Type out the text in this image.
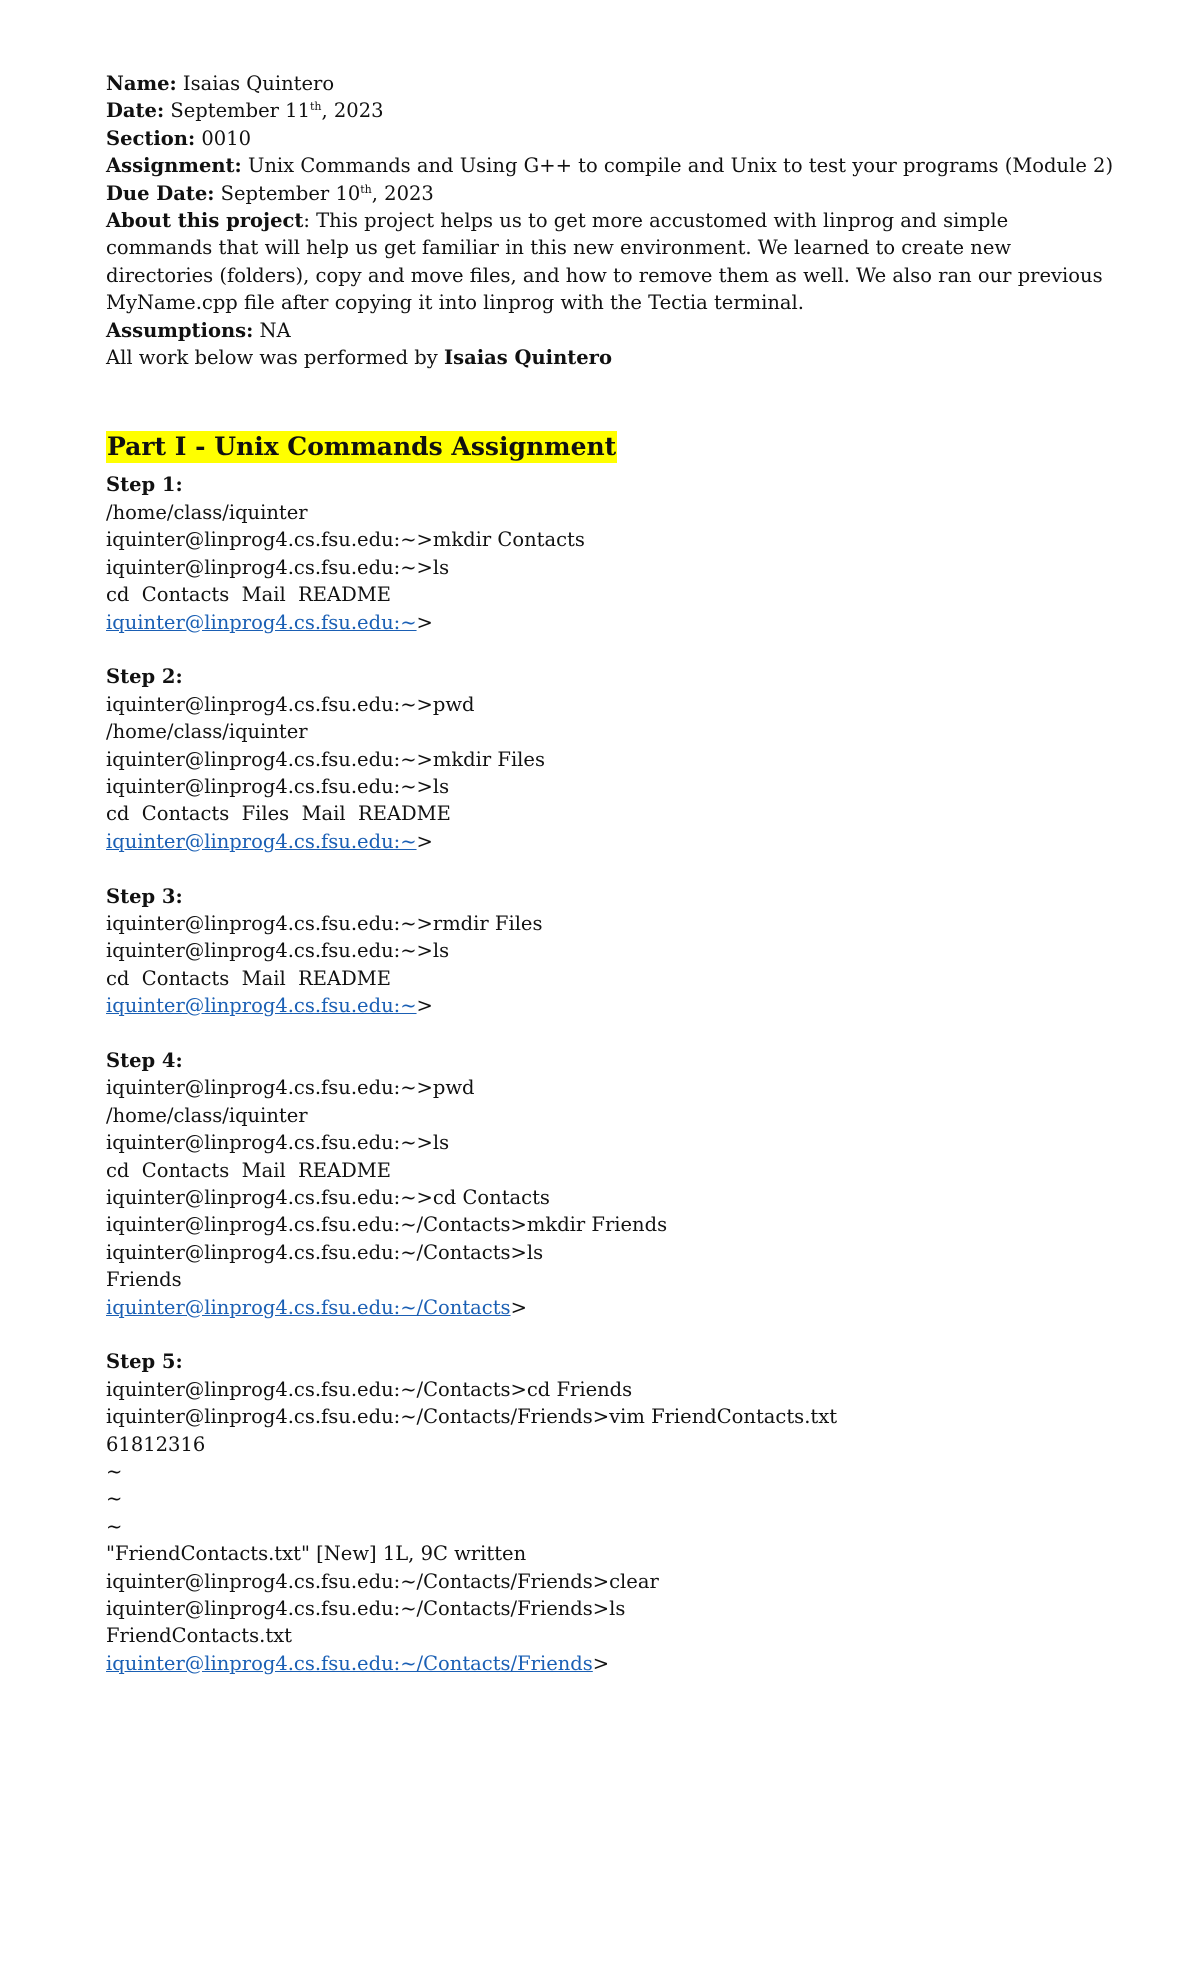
Name: Isaias Quintero
Date: September 11th, 2023
Section: 0010
Assignment: Unix Commands and Using G++ to compile and Unix to test your programs (Module 2)
Due Date: September 10th, 2023
About this project: This project helps us to get more accustomed with linprog and simple commands that will help us get familiar in this new environment. We learned to create new directories (folders), copy and move files, and how to remove them as well. We also ran our previous MyName.cpp file after copying it into linprog with the Tectia terminal.
Assumptions: NA
All work below was performed by Isaias Quintero
Part I - Unix Commands Assignment
Step 1:
/home/class/iquinter
iquinter@linprog4.cs.fsu.edu:~>mkdir Contacts
iquinter@linprog4.cs.fsu.edu:~>ls
cd  Contacts  Mail  README
iquinter@linprog4.cs.fsu.edu:~>
Step 2:
iquinter@linprog4.cs.fsu.edu:~>pwd
/home/class/iquinter
iquinter@linprog4.cs.fsu.edu:~>mkdir Files
iquinter@linprog4.cs.fsu.edu:~>ls
cd  Contacts  Files  Mail  README
iquinter@linprog4.cs.fsu.edu:~>
Step 3:
iquinter@linprog4.cs.fsu.edu:~>rmdir Files
iquinter@linprog4.cs.fsu.edu:~>ls
cd  Contacts  Mail  README
iquinter@linprog4.cs.fsu.edu:~>
Step 4:
iquinter@linprog4.cs.fsu.edu:~>pwd
/home/class/iquinter
iquinter@linprog4.cs.fsu.edu:~>ls
cd  Contacts  Mail  README
iquinter@linprog4.cs.fsu.edu:~>cd Contacts
iquinter@linprog4.cs.fsu.edu:~/Contacts>mkdir Friends
iquinter@linprog4.cs.fsu.edu:~/Contacts>ls
Friends
iquinter@linprog4.cs.fsu.edu:~/Contacts>
Step 5:
iquinter@linprog4.cs.fsu.edu:~/Contacts>cd Friends
iquinter@linprog4.cs.fsu.edu:~/Contacts/Friends>vim FriendContacts.txt
61812316
~
~
~
"FriendContacts.txt" [New] 1L, 9C written
iquinter@linprog4.cs.fsu.edu:~/Contacts/Friends>clear
iquinter@linprog4.cs.fsu.edu:~/Contacts/Friends>ls
FriendContacts.txt
iquinter@linprog4.cs.fsu.edu:~/Contacts/Friends>
